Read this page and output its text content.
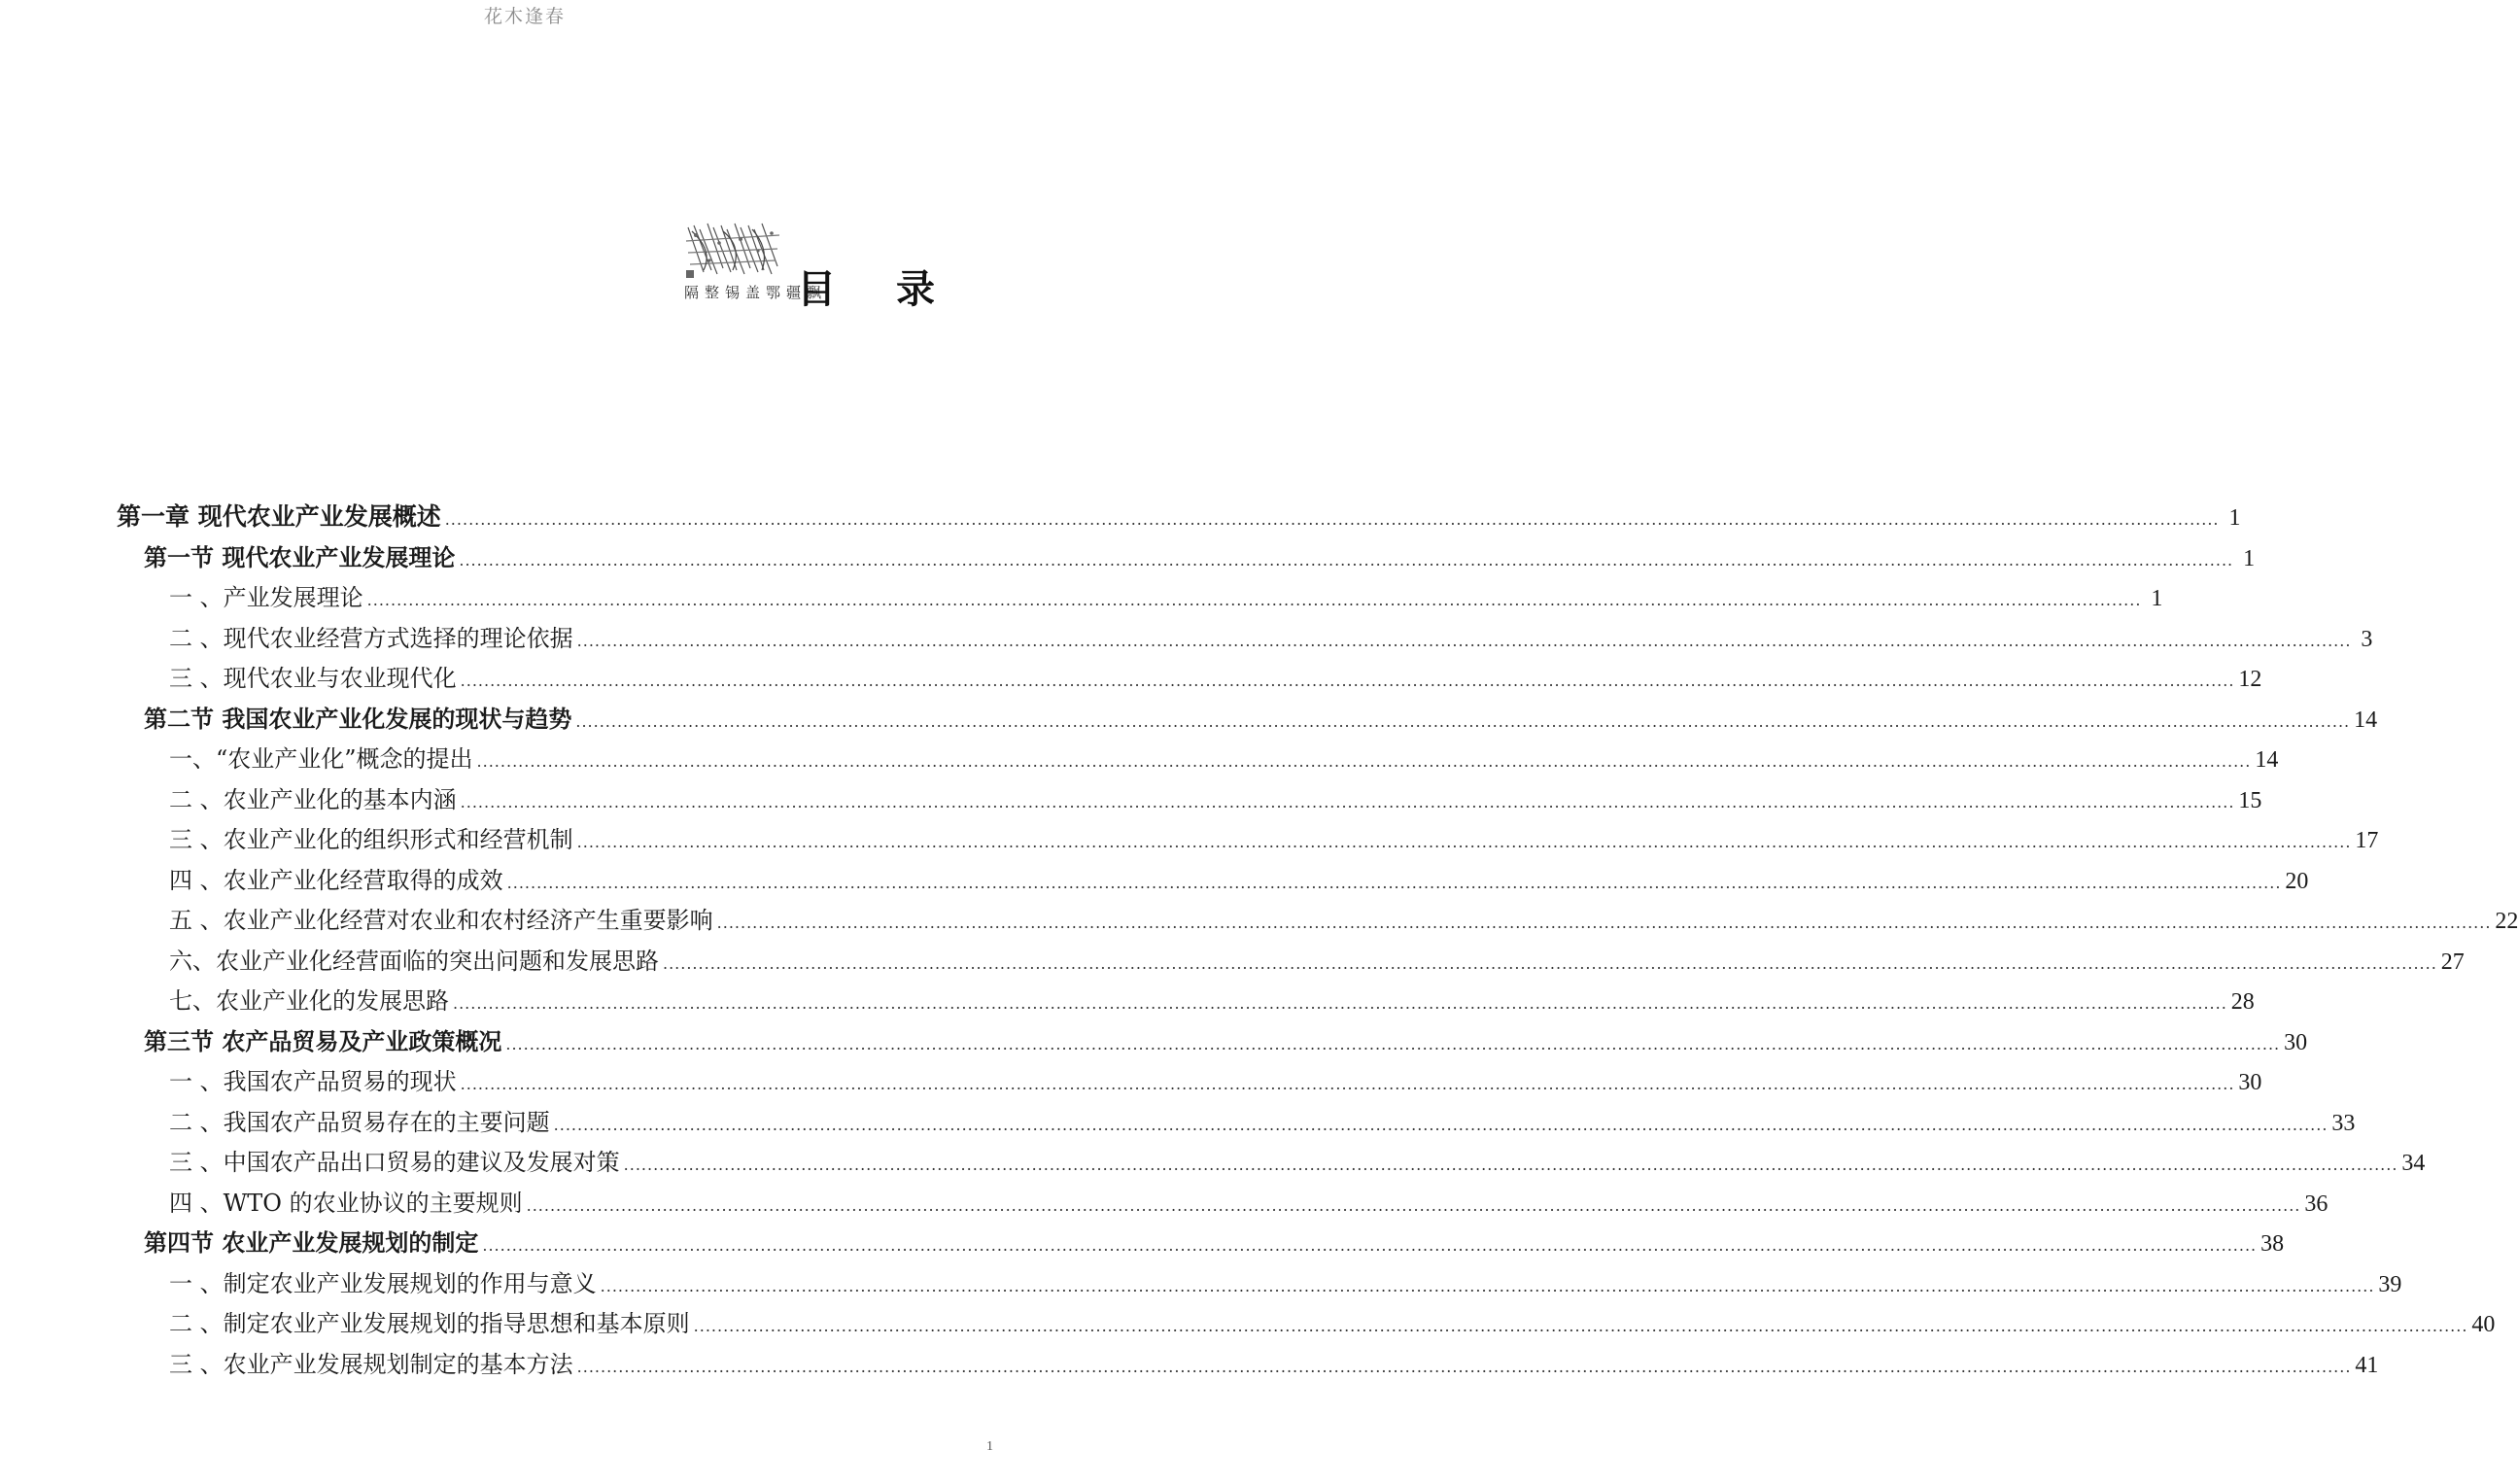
花木逢春
隔整锡盖鄂疆飘
目 录
第一章 现代农业产业发展概述 ............................................................................................................................................................................................................................................................................................................ 1
第一节 现代农业产业发展理论 ............................................................................................................................................................................................................................................................................................................ 1
一 、产业发展理论 ............................................................................................................................................................................................................................................................................................................ 1
二 、现代农业经营方式选择的理论依据 ............................................................................................................................................................................................................................................................................................................ 3
三 、现代农业与农业现代化 ............................................................................................................................................................................................................................................................................................................ 12
第二节 我国农业产业化发展的现状与趋势 ............................................................................................................................................................................................................................................................................................................ 14
一、“农业产业化”概念的提出 ............................................................................................................................................................................................................................................................................................................ 14
二 、农业产业化的基本内涵 ............................................................................................................................................................................................................................................................................................................ 15
三 、农业产业化的组织形式和经营机制 ............................................................................................................................................................................................................................................................................................................ 17
四 、农业产业化经营取得的成效 ............................................................................................................................................................................................................................................................................................................ 20
五 、农业产业化经营对农业和农村经济产生重要影响 ............................................................................................................................................................................................................................................................................................................ 22
六、农业产业化经营面临的突出问题和发展思路 ............................................................................................................................................................................................................................................................................................................ 27
七、农业产业化的发展思路 ............................................................................................................................................................................................................................................................................................................ 28
第三节 农产品贸易及产业政策概况 ............................................................................................................................................................................................................................................................................................................ 30
一 、我国农产品贸易的现状 ............................................................................................................................................................................................................................................................................................................ 30
二 、我国农产品贸易存在的主要问题 ............................................................................................................................................................................................................................................................................................................ 33
三 、中国农产品出口贸易的建议及发展对策 ............................................................................................................................................................................................................................................................................................................ 34
四 、WTO 的农业协议的主要规则 ............................................................................................................................................................................................................................................................................................................ 36
第四节 农业产业发展规划的制定 ............................................................................................................................................................................................................................................................................................................ 38
一 、制定农业产业发展规划的作用与意义 ............................................................................................................................................................................................................................................................................................................ 39
二 、制定农业产业发展规划的指导思想和基本原则 ............................................................................................................................................................................................................................................................................................................ 40
三 、农业产业发展规划制定的基本方法 ............................................................................................................................................................................................................................................................................................................ 41
1
